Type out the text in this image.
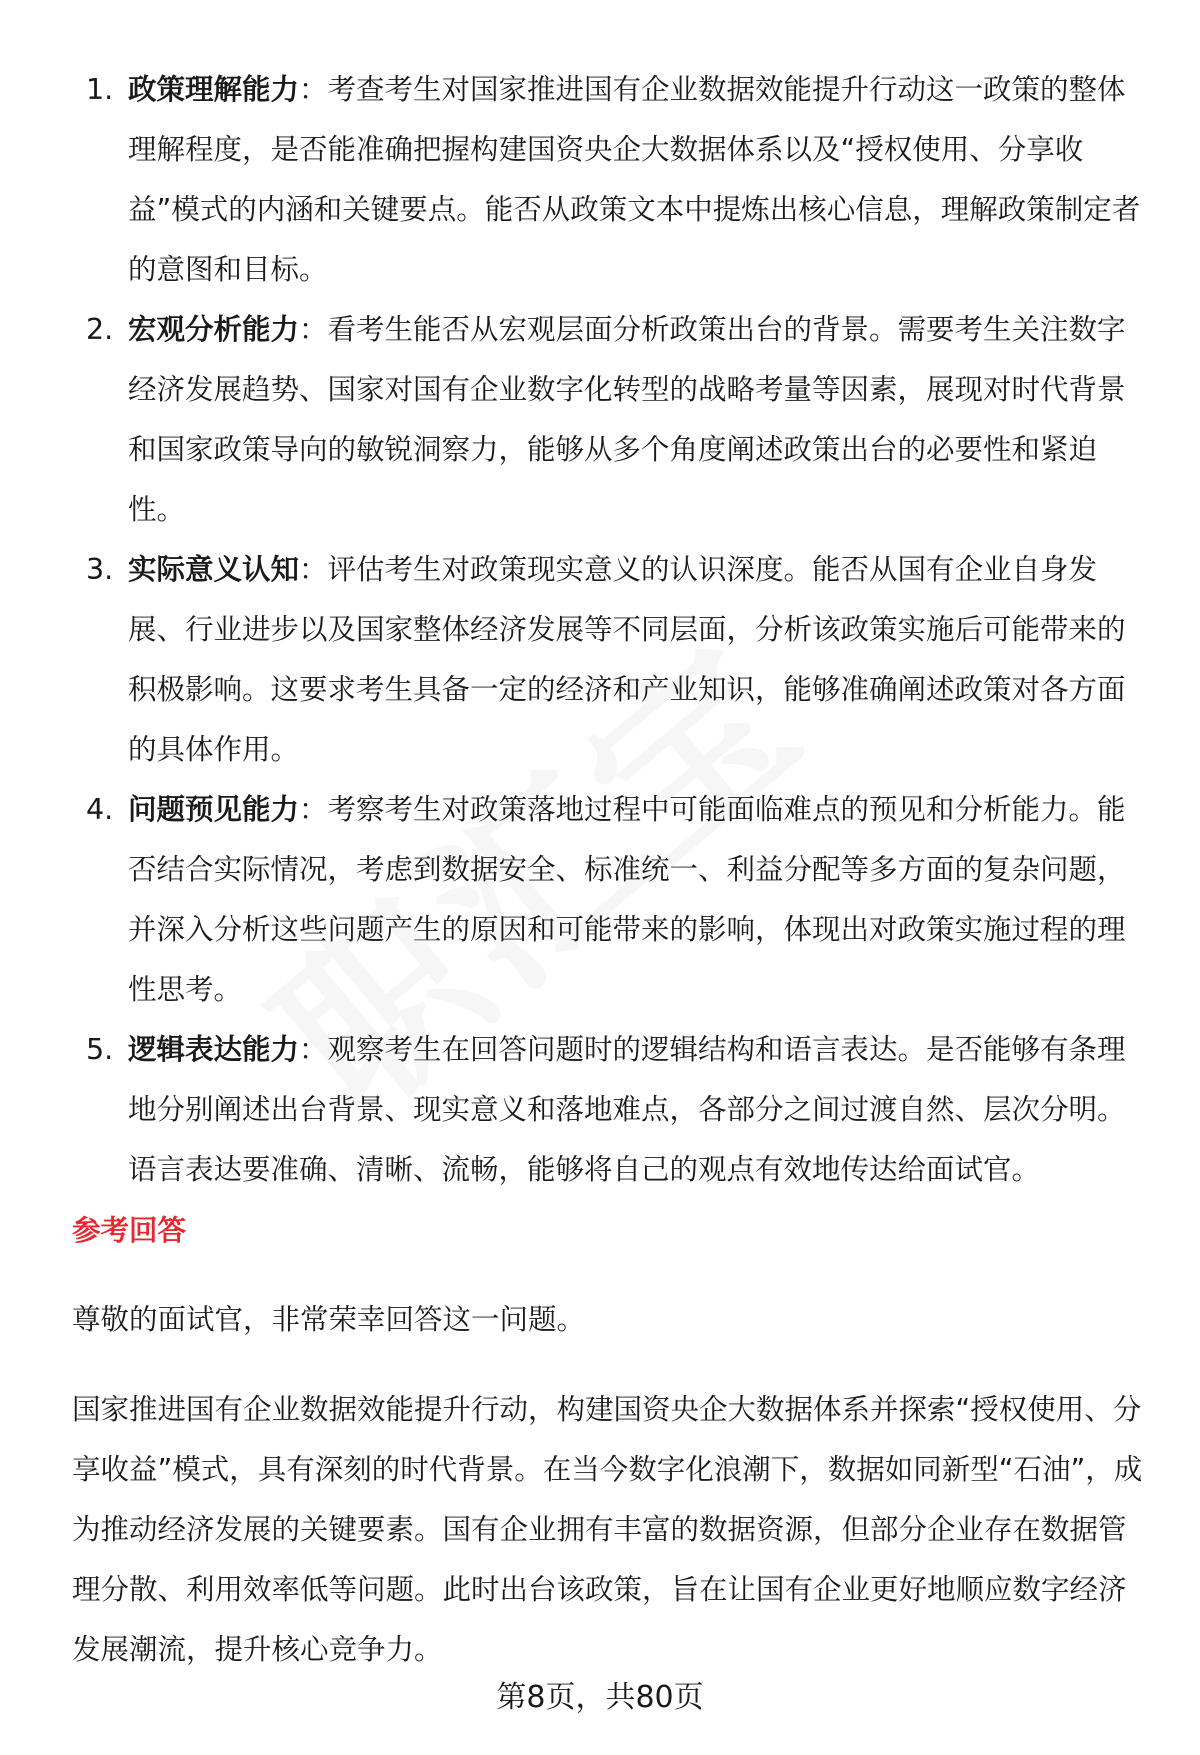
1. 政策理解能力：考查考生对国家推进国有企业数据效能提升行动这一政策的整体理解程度，是否能准确把握构建国资央企大数据体系以及“授权使用、分享收益”模式的内涵和关键要点。能否从政策文本中提炼出核心信息，理解政策制定者的意图和目标。
2. 宏观分析能力：看考生能否从宏观层面分析政策出台的背景。需要考生关注数字经济发展趋势、国家对国有企业数字化转型的战略考量等因素，展现对时代背景和国家政策导向的敏锐洞察力，能够从多个角度阐述政策出台的必要性和紧迫性。
3. 实际意义认知：评估考生对政策现实意义的认识深度。能否从国有企业自身发展、行业进步以及国家整体经济发展等不同层面，分析该政策实施后可能带来的积极影响。这要求考生具备一定的经济和产业知识，能够准确阐述政策对各方面的具体作用。
4. 问题预见能力：考察考生对政策落地过程中可能面临难点的预见和分析能力。能否结合实际情况，考虑到数据安全、标准统一、利益分配等多方面的复杂问题，并深入分析这些问题产生的原因和可能带来的影响，体现出对政策实施过程的理性思考。
5. 逻辑表达能力：观察考生在回答问题时的逻辑结构和语言表达。是否能够有条理地分别阐述出台背景、现实意义和落地难点，各部分之间过渡自然、层次分明。语言表达要准确、清晰、流畅，能够将自己的观点有效地传达给面试官。
参考回答

尊敬的面试官，非常荣幸回答这一问题。

国家推进国有企业数据效能提升行动，构建国资央企大数据体系并探索“授权使用、分享收益”模式，具有深刻的时代背景。在当今数字化浪潮下，数据如同新型“石油”，成为推动经济发展的关键要素。国有企业拥有丰富的数据资源，但部分企业存在数据管理分散、利用效率低等问题。此时出台该政策，旨在让国有企业更好地顺应数字经济发展潮流，提升核心竞争力。

第8页，共80页
